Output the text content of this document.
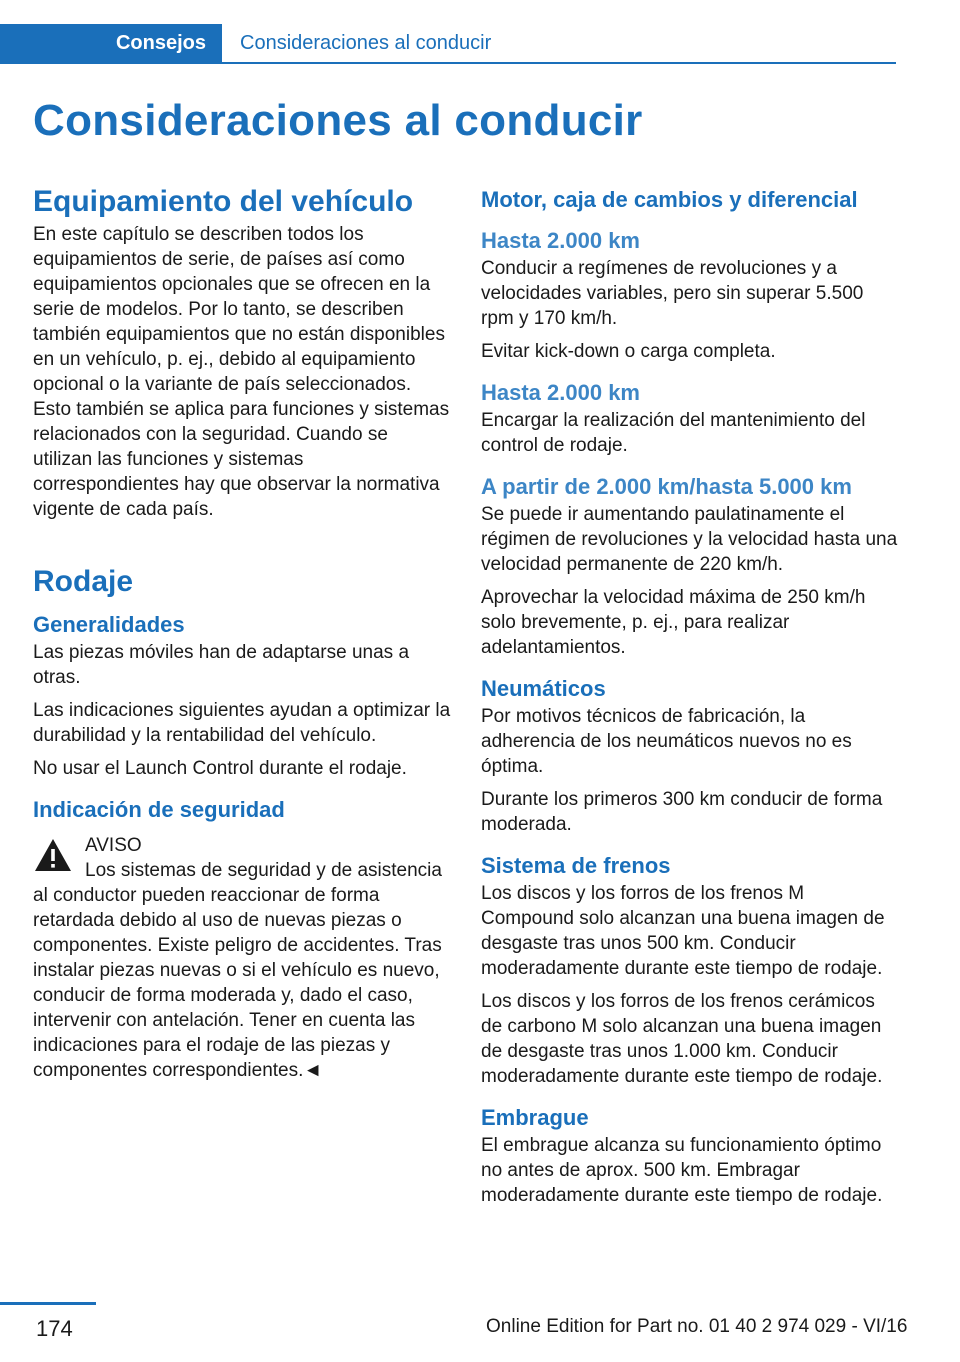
Consejos	Consideraciones al conducir
Consideraciones al conducir
Equipamiento del vehículo

En este capítulo se describen todos los equipamientos de serie, de países así como equipamientos opcionales que se ofrecen en la serie de modelos. Por lo tanto, se describen también equipamientos que no están disponibles en un vehículo, p. ej., debido al equipamiento opcional o la variante de país seleccionados. Esto también se aplica para funciones y sistemas relacionados con la seguridad. Cuando se utilizan las funciones y sistemas correspondientes hay que observar la normativa vigente de cada país.

Rodaje
Generalidades

Las piezas móviles han de adaptarse unas a otras.

Las indicaciones siguientes ayudan a optimizar la durabilidad y la rentabilidad del vehículo.

No usar el Launch Control durante el rodaje.

Indicación de seguridad
AVISO

Los sistemas de seguridad y de asistencia al conductor pueden reaccionar de forma retardada debido al uso de nuevas piezas o componentes. Existe peligro de accidentes. Tras instalar piezas nuevas o si el vehículo es nuevo, conducir de forma moderada y, dado el caso, intervenir con antelación. Tener en cuenta las indicaciones para el rodaje de las piezas y componentes correspondientes.◄

Motor, caja de cambios y diferencial
Hasta 2.000 km

Conducir a regímenes de revoluciones y a velocidades variables, pero sin superar 5.500 rpm y 170 km/h.

Evitar kick-down o carga completa.

Hasta 2.000 km

Encargar la realización del mantenimiento del control de rodaje.

A partir de 2.000 km/hasta 5.000 km

Se puede ir aumentando paulatinamente el régimen de revoluciones y la velocidad hasta una velocidad permanente de 220 km/h.

Aprovechar la velocidad máxima de 250 km/h solo brevemente, p. ej., para realizar adelantamientos.

Neumáticos

Por motivos técnicos de fabricación, la adherencia de los neumáticos nuevos no es óptima.

Durante los primeros 300 km conducir de forma moderada.

Sistema de frenos

Los discos y los forros de los frenos M Compound solo alcanzan una buena imagen de desgaste tras unos 500 km. Conducir moderadamente durante este tiempo de rodaje.

Los discos y los forros de los frenos cerámicos de carbono M solo alcanzan una buena imagen de desgaste tras unos 1.000 km. Conducir moderadamente durante este tiempo de rodaje.

Embrague

El embrague alcanza su funcionamiento óptimo no antes de aprox. 500 km. Embragar moderadamente durante este tiempo de rodaje.

174	Online Edition for Part no. 01 40 2 974 029 - VI/16
